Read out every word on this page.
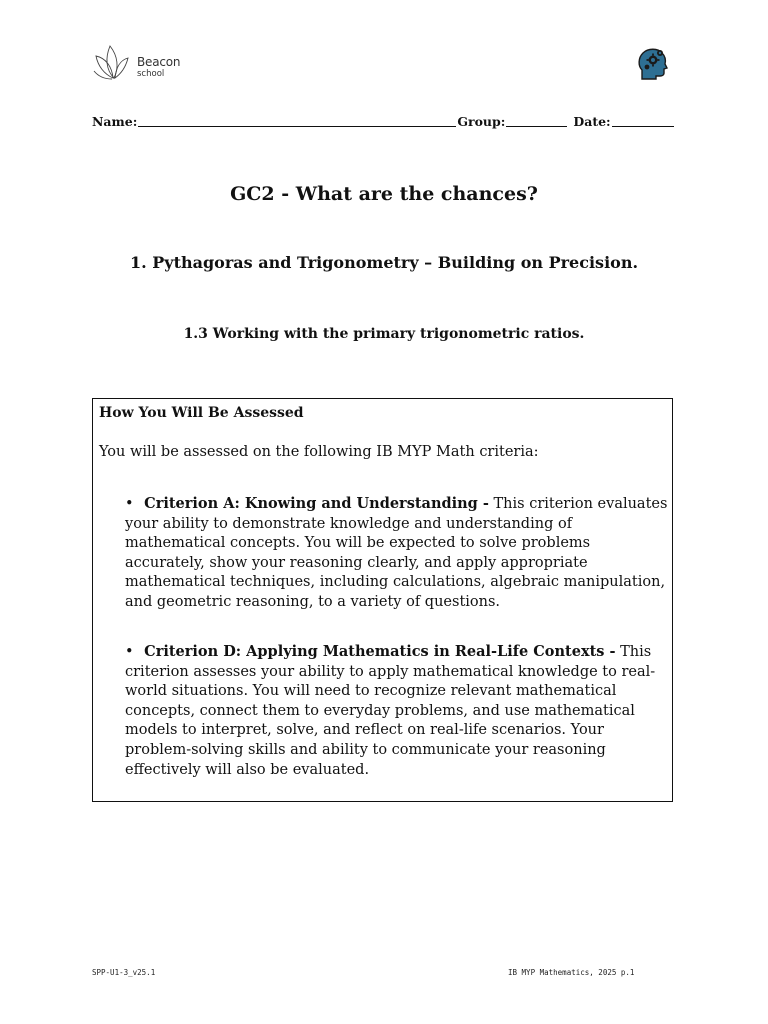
Beacon
school
Name:	Group:	Date:
GC2 - What are the chances?
1. Pythagoras and Trigonometry – Building on Precision.
1.3 Working with the primary trigonometric ratios.
How You Will Be Assessed
You will be assessed on the following IB MYP Math criteria:
• Criterion A: Knowing and Understanding - This criterion evaluates your ability to demonstrate knowledge and understanding of mathematical concepts. You will be expected to solve problems accurately, show your reasoning clearly, and apply appropriate mathematical techniques, including calculations, algebraic manipulation, and geometric reasoning, to a variety of questions.
• Criterion D: Applying Mathematics in Real-Life Contexts - This criterion assesses your ability to apply mathematical knowledge to real-world situations. You will need to recognize relevant mathematical concepts, connect them to everyday problems, and use mathematical models to interpret, solve, and reflect on real-life scenarios. Your problem-solving skills and ability to communicate your reasoning effectively will also be evaluated.
SPP-U1-3_v25.1	IB MYP Mathematics, 2025 p.1
